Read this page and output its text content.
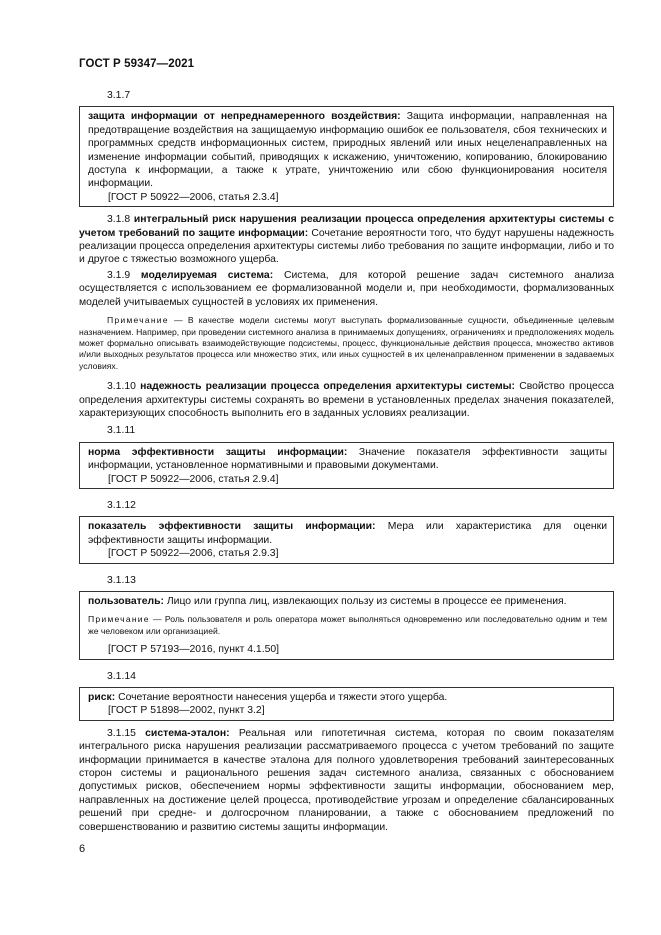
ГОСТ Р 59347—2021
3.1.7

защита информации от непреднамеренного воздействия: Защита информации, направленная на предотвращение воздействия на защищаемую информацию ошибок ее пользователя, сбоя технических и программных средств информационных систем, природных явлений или иных нецеленаправленных на изменение информации событий, приводящих к искажению, уничтожению, копированию, блокированию доступа к информации, а также к утрате, уничтожению или сбою функционирования носителя информации.

[ГОСТ Р 50922—2006, статья 2.3.4]

3.1.8 интегральный риск нарушения реализации процесса определения архитектуры системы с учетом требований по защите информации: Сочетание вероятности того, что будут нарушены надежность реализации процесса определения архитектуры системы либо требования по защите информации, либо и то и другое с тяжестью возможного ущерба.

3.1.9 моделируемая система: Система, для которой решение задач системного анализа осуществляется с использованием ее формализованной модели и, при необходимости, формализованных моделей учитываемых сущностей в условиях их применения.

Примечание — В качестве модели системы могут выступать формализованные сущности, объединенные целевым назначением. Например, при проведении системного анализа в принимаемых допущениях, ограничениях и предположениях модель может формально описывать взаимодействующие подсистемы, процесс, функциональные действия процесса, множество активов и/или выходных результатов процесса или множество этих, или иных сущностей в их целенаправленном применении в задаваемых условиях.

3.1.10 надежность реализации процесса определения архитектуры системы: Свойство процесса определения архитектуры системы сохранять во времени в установленных пределах значения показателей, характеризующих способность выполнить его в заданных условиях реализации.

3.1.11

норма эффективности защиты информации: Значение показателя эффективности защиты информации, установленное нормативными и правовыми документами.

[ГОСТ Р 50922—2006, статья 2.9.4]

3.1.12

показатель эффективности защиты информации: Мера или характеристика для оценки эффективности защиты информации.

[ГОСТ Р 50922—2006, статья 2.9.3]

3.1.13

пользователь: Лицо или группа лиц, извлекающих пользу из системы в процессе ее применения.

Примечание — Роль пользователя и роль оператора может выполняться одновременно или последовательно одним и тем же человеком или организацией.

[ГОСТ Р 57193—2016, пункт 4.1.50]

3.1.14

риск: Сочетание вероятности нанесения ущерба и тяжести этого ущерба.

[ГОСТ Р 51898—2002, пункт 3.2]

3.1.15 система-эталон: Реальная или гипотетичная система, которая по своим показателям интегрального риска нарушения реализации рассматриваемого процесса с учетом требований по защите информации принимается в качестве эталона для полного удовлетворения требований заинтересованных сторон системы и рационального решения задач системного анализа, связанных с обоснованием допустимых рисков, обеспечением нормы эффективности защиты информации, обоснованием мер, направленных на достижение целей процесса, противодействие угрозам и определение сбалансированных решений при средне- и долгосрочном планировании, а также с обоснованием предложений по совершенствованию и развитию системы защиты информации.

6
